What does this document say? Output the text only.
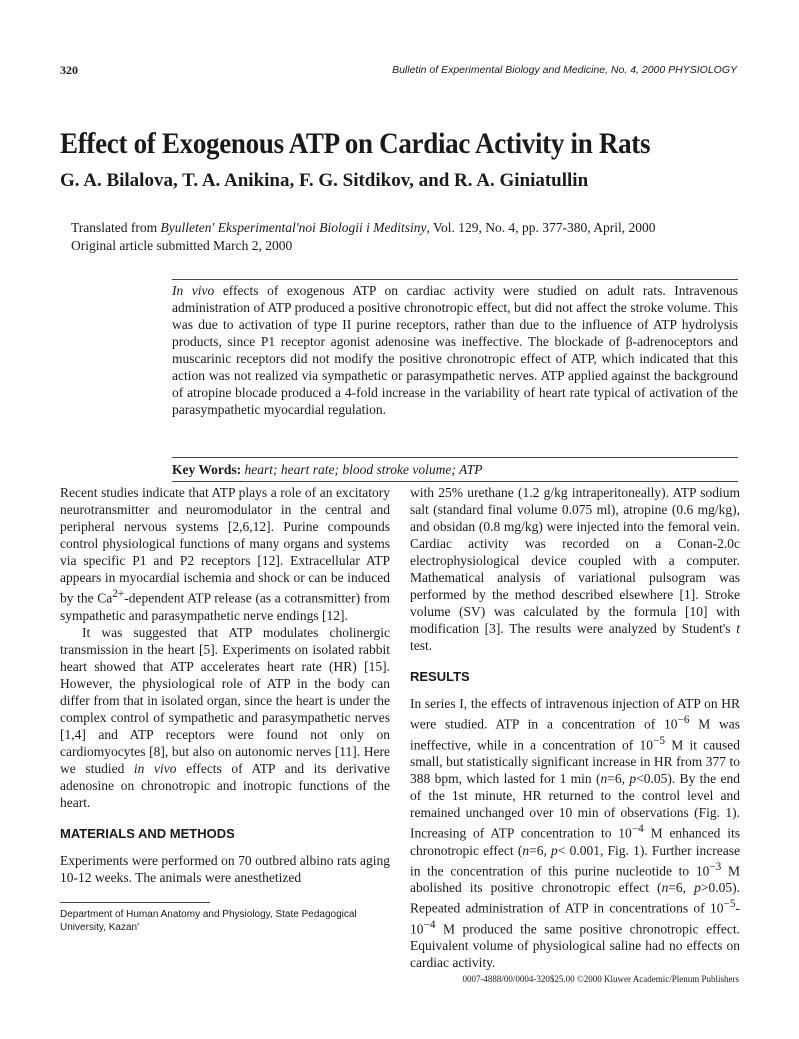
320	Bulletin of Experimental Biology and Medicine, No. 4, 2000 PHYSIOLOGY
Effect of Exogenous ATP on Cardiac Activity in Rats
G. A. Bilalova, T. A. Anikina, F. G. Sitdikov, and R. A. Giniatullin
Translated from Byulleten' Eksperimental'noi Biologii i Meditsiny, Vol. 129, No. 4, pp. 377-380, April, 2000
Original article submitted March 2, 2000
In vivo effects of exogenous ATP on cardiac activity were studied on adult rats. Intravenous administration of ATP produced a positive chronotropic effect, but did not affect the stroke volume. This was due to activation of type II purine receptors, rather than due to the influence of ATP hydrolysis products, since P1 receptor agonist adenosine was ineffective. The blockade of β-adrenoceptors and muscarinic receptors did not modify the positive chronotropic effect of ATP, which indicated that this action was not realized via sympathetic or parasympathetic nerves. ATP applied against the background of atropine blocade produced a 4-fold increase in the variability of heart rate typical of activation of the parasympathetic myocardial regulation.
Key Words: heart; heart rate; blood stroke volume; ATP

Recent studies indicate that ATP plays a role of an excitatory neurotransmitter and neuromodulator in the central and peripheral nervous systems [2,6,12]. Purine compounds control physiological functions of many organs and systems via specific P1 and P2 receptors [12]. Extracellular ATP appears in myocardial ischemia and shock or can be induced by the $Ca^{2+}$-dependent ATP release (as a cotransmitter) from sympathetic and parasympathetic nerve endings [12].

It was suggested that ATP modulates cholinergic transmission in the heart [5]. Experiments on isolated rabbit heart showed that ATP accelerates heart rate (HR) [15]. However, the physiological role of ATP in the body can differ from that in isolated organ, since the heart is under the complex control of sympathetic and parasympathetic nerves [1,4] and ATP receptors were found not only on cardiomyocytes [8], but also on autonomic nerves [11]. Here we studied in vivo effects of ATP and its derivative adenosine on chronotropic and inotropic functions of the heart.

MATERIALS AND METHODS

Experiments were performed on 70 outbred albino rats aging 10-12 weeks. The animals were anesthetized

Department of Human Anatomy and Physiology, State Pedagogical University, Kazan'

with 25% urethane (1.2 g/kg intraperitoneally). ATP sodium salt (standard final volume 0.075 ml), atropine (0.6 mg/kg), and obsidan (0.8 mg/kg) were injected into the femoral vein. Cardiac activity was recorded on a Conan-2.0c electrophysiological device coupled with a computer. Mathematical analysis of variational pulsogram was performed by the method described elsewhere [1]. Stroke volume (SV) was calculated by the formula [10] with modification [3]. The results were analyzed by Student's t test.

RESULTS

In series I, the effects of intravenous injection of ATP on HR were studied. ATP in a concentration of $10^{-6}$ M was ineffective, while in a concentration of $10^{-5}$ M it caused small, but statistically significant increase in HR from 377 to 388 bpm, which lasted for 1 min (n=6, p<0.05). By the end of the 1st minute, HR returned to the control level and remained unchanged over 10 min of observations (Fig. 1). Increasing of ATP concentration to $10^{-4}$ M enhanced its chronotropic effect (n=6, p< 0.001, Fig. 1). Further increase in the concentration of this purine nucleotide to $10^{-3}$ M abolished its positive chronotropic effect (n=6, p>0.05). Repeated administration of ATP in concentrations of $10^{-5}-10^{-4}$ M produced the same positive chronotropic effect. Equivalent volume of physiological saline had no effects on cardiac activity.

0007-4888/00/0004-320$25.00 ©2000 Kluwer Academic/Plenum Publishers
